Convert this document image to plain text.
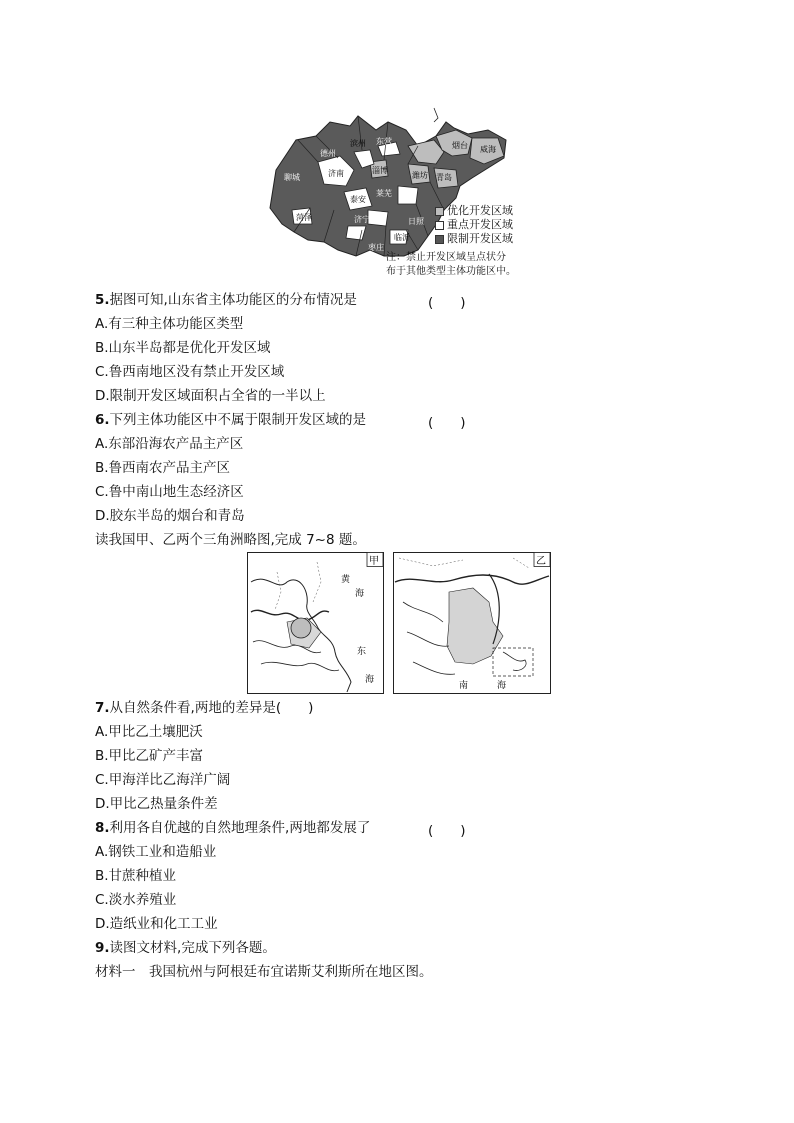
东营
威海
滨州	烟台
聊城	济南	淄博
潍坊 青岛
泰安
莱芜
济宁	日照
临沂
枣庄
菏泽
德州
优化开发区域
重点开发区域
限制开发区域
注：禁止开发区域呈点状分
布于其他类型主体功能区中。
5.据图可知,山东省主体功能区的分布情况是	(　　)
A.有三种主体功能区类型
B.山东半岛都是优化开发区域
C.鲁西南地区没有禁止开发区域
D.限制开发区域面积占全省的一半以上
6.下列主体功能区中不属于限制开发区域的是	(　　)
A.东部沿海农产品主产区
B.鲁西南农产品主产区
C.鲁中南山地生态经济区
D.胶东半岛的烟台和青岛
读我国甲、乙两个三角洲略图,完成 7~8 题。
甲
黄
海
东
海
乙
南	海
7.从自然条件看,两地的差异是(　　)
A.甲比乙土壤肥沃
B.甲比乙矿产丰富
C.甲海洋比乙海洋广阔
D.甲比乙热量条件差
8.利用各自优越的自然地理条件,两地都发展了	(　　)
A.钢铁工业和造船业
B.甘蔗种植业
C.淡水养殖业
D.造纸业和化工工业
9.读图文材料,完成下列各题。
材料一　我国杭州与阿根廷布宜诺斯艾利斯所在地区图。
